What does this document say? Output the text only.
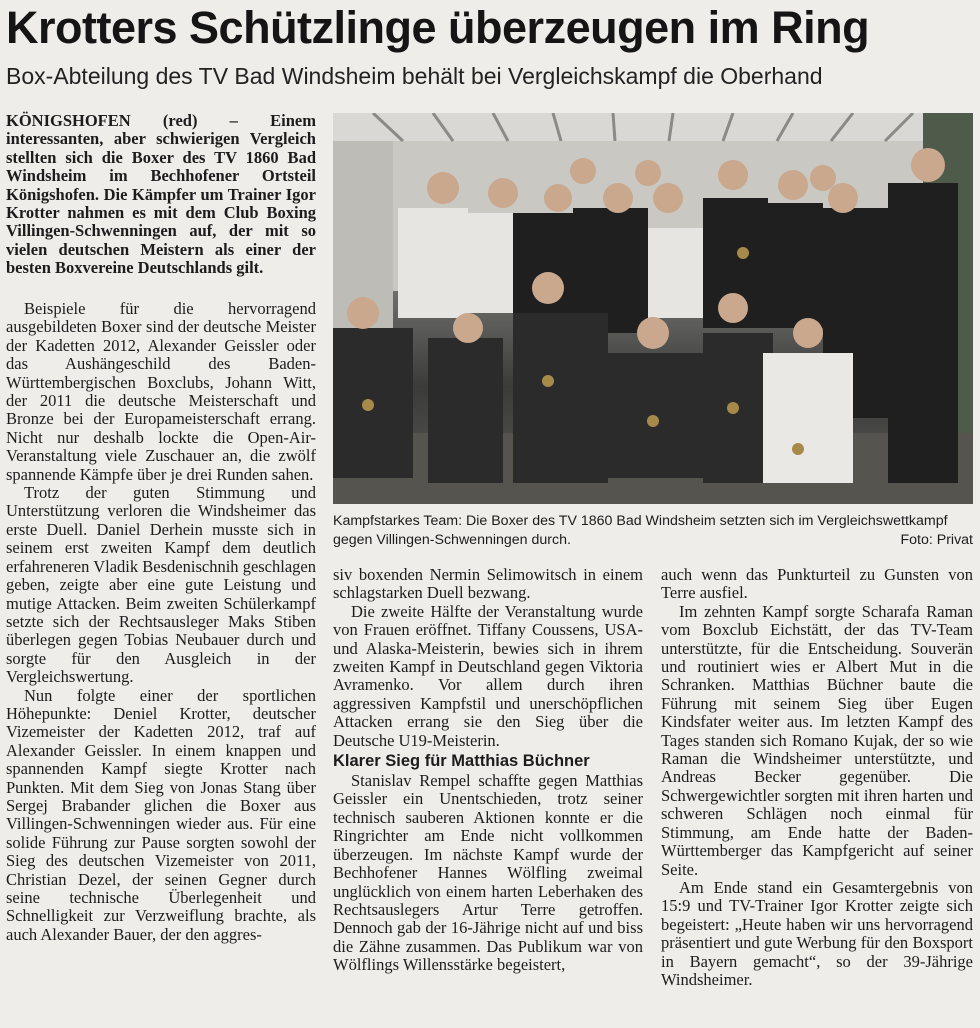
Krotters Schützlinge überzeugen im Ring
Box-Abteilung des TV Bad Windsheim behält bei Vergleichskampf die Oberhand

KÖNIGSHOFEN (red) – Einem interessanten, aber schwierigen Vergleich stellten sich die Boxer des TV 1860 Bad Windsheim im Bechhofener Ortsteil Königshofen. Die Kämpfer um Trainer Igor Krotter nahmen es mit dem Club Boxing Villingen-Schwenningen auf, der mit so vielen deutschen Meistern als einer der besten Boxvereine Deutschlands gilt.

Beispiele für die hervorragend ausgebildeten Boxer sind der deutsche Meister der Kadetten 2012, Alexander Geissler oder das Aushängeschild des Baden-Württembergischen Boxclubs, Johann Witt, der 2011 die deutsche Meisterschaft und Bronze bei der Europameisterschaft errang. Nicht nur deshalb lockte die Open-Air-Veranstaltung viele Zuschauer an, die zwölf spannende Kämpfe über je drei Runden sahen.

Trotz der guten Stimmung und Unterstützung verloren die Windsheimer das erste Duell. Daniel Derhein musste sich in seinem erst zweiten Kampf dem deutlich erfahreneren Vladik Besdenischnih geschlagen geben, zeigte aber eine gute Leistung und mutige Attacken. Beim zweiten Schülerkampf setzte sich der Rechtsausleger Maks Stiben überlegen gegen Tobias Neubauer durch und sorgte für den Ausgleich in der Vergleichswertung.

Nun folgte einer der sportlichen Höhepunkte: Deniel Krotter, deutscher Vizemeister der Kadetten 2012, traf auf Alexander Geissler. In einem knappen und spannenden Kampf siegte Krotter nach Punkten. Mit dem Sieg von Jonas Stang über Sergej Brabander glichen die Boxer aus Villingen-Schwenningen wieder aus. Für eine solide Führung zur Pause sorgten sowohl der Sieg des deutschen Vizemeister von 2011, Christian Dezel, der seinen Gegner durch seine technische Überlegenheit und Schnelligkeit zur Verzweiflung brachte, als auch Alexander Bauer, der den aggres-

Kampfstarkes Team: Die Boxer des TV 1860 Bad Windsheim setzten sich im Vergleichswettkampf gegen Villingen-Schwenningen durch.	Foto: Privat

siv boxenden Nermin Selimowitsch in einem schlagstarken Duell bezwang.

Die zweite Hälfte der Veranstaltung wurde von Frauen eröffnet. Tiffany Coussens, USA-und Alaska-Meisterin, bewies sich in ihrem zweiten Kampf in Deutschland gegen Viktoria Avramenko. Vor allem durch ihren aggressiven Kampfstil und unerschöpflichen Attacken errang sie den Sieg über die Deutsche U19-Meisterin.

Klarer Sieg für Matthias Büchner

Stanislav Rempel schaffte gegen Matthias Geissler ein Unentschieden, trotz seiner technisch sauberen Aktionen konnte er die Ringrichter am Ende nicht vollkommen überzeugen. Im nächste Kampf wurde der Bechhofener Hannes Wölfling zweimal unglücklich von einem harten Leberhaken des Rechtsauslegers Artur Terre getroffen. Dennoch gab der 16-Jährige nicht auf und biss die Zähne zusammen. Das Publikum war von Wölflings Willensstärke begeistert,

auch wenn das Punkturteil zu Gunsten von Terre ausfiel.

Im zehnten Kampf sorgte Scharafa Raman vom Boxclub Eichstätt, der das TV-Team unterstützte, für die Entscheidung. Souverän und routiniert wies er Albert Mut in die Schranken. Matthias Büchner baute die Führung mit seinem Sieg über Eugen Kindsfater weiter aus. Im letzten Kampf des Tages standen sich Romano Kujak, der so wie Raman die Windsheimer unterstützte, und Andreas Becker gegenüber. Die Schwergewichtler sorgten mit ihren harten und schweren Schlägen noch einmal für Stimmung, am Ende hatte der Baden-Württemberger das Kampfgericht auf seiner Seite.

Am Ende stand ein Gesamtergebnis von 15:9 und TV-Trainer Igor Krotter zeigte sich begeistert: „Heute haben wir uns hervorragend präsentiert und gute Werbung für den Boxsport in Bayern gemacht“, so der 39-Jährige Windsheimer.
